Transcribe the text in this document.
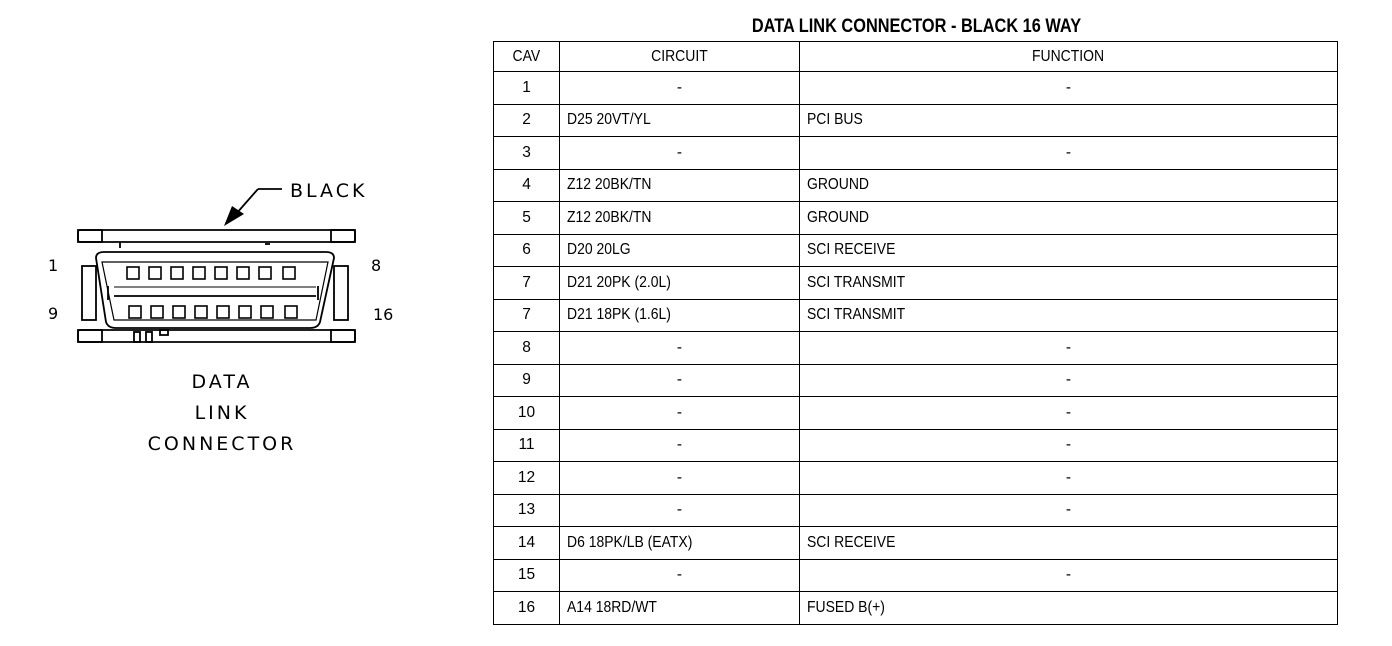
BLACK
1	8
9	16
DATA
LINK
CONNECTOR
DATA LINK CONNECTOR - BLACK 16 WAY
CAV	CIRCUIT	FUNCTION
1	-	-
2	D25 20VT/YL	PCI BUS
3	-	-
4	Z12 20BK/TN	GROUND
5	Z12 20BK/TN	GROUND
6	D20 20LG	SCI RECEIVE
7	D21 20PK (2.0L)	SCI TRANSMIT
7	D21 18PK (1.6L)	SCI TRANSMIT
8	-	-
9	-	-
10	-	-
11	-	-
12	-	-
13	-	-
14	D6 18PK/LB (EATX)	SCI RECEIVE
15	-	-
16	A14 18RD/WT	FUSED B(+)
